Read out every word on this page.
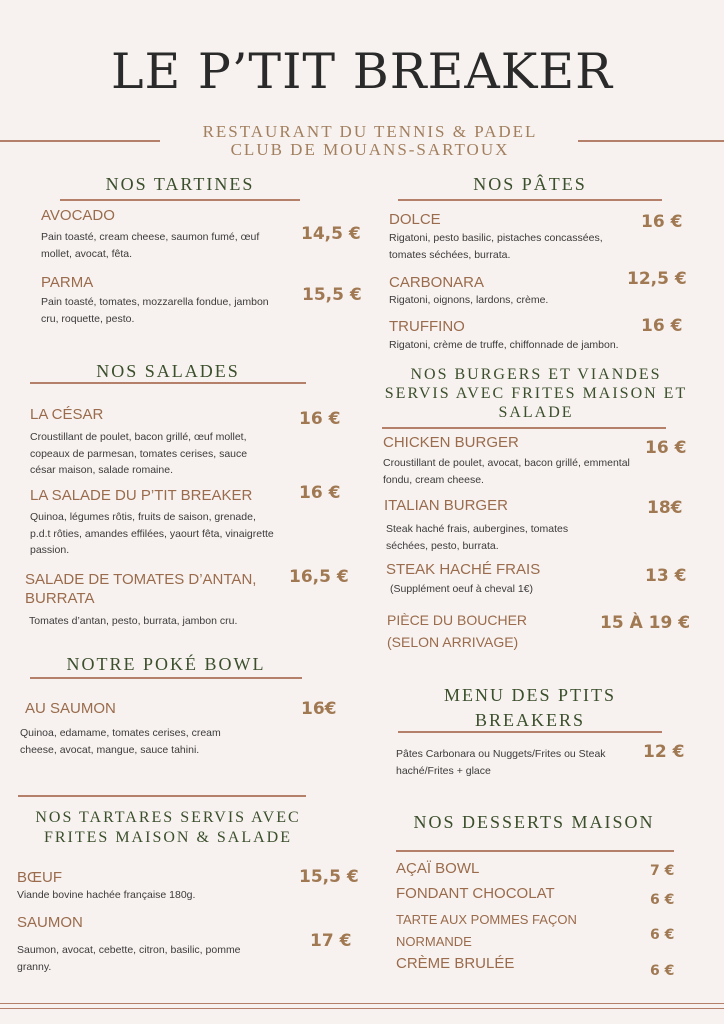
LE P’TIT BREAKER
RESTAURANT DU TENNIS & PADEL
CLUB DE MOUANS-SARTOUX
NOS TARTINES
AVOCADO
Pain toasté, cream cheese, saumon fumé, œuf mollet, avocat, fêta.
14,5 €
PARMA
Pain toasté, tomates, mozzarella fondue, jambon cru, roquette, pesto.
15,5 €
NOS SALADES
LA CÉSAR
Croustillant de poulet, bacon grillé, œuf mollet, copeaux de parmesan, tomates cerises, sauce césar maison, salade romaine.
16 €
LA SALADE DU P’TIT BREAKER
Quinoa, légumes rôtis, fruits de saison, grenade, p.d.t rôties, amandes effilées, yaourt fêta, vinaigrette passion.
16 €
SALADE DE TOMATES D’ANTAN,
BURRATA
Tomates d’antan, pesto, burrata, jambon cru.
16,5 €
NOTRE POKÉ BOWL
AU SAUMON
Quinoa, edamame, tomates cerises, cream cheese, avocat, mangue, sauce tahini.
16€
NOS TARTARES SERVIS AVEC
FRITES MAISON & SALADE
BŒUF
Viande bovine hachée française 180g.
15,5 €
SAUMON
Saumon, avocat, cebette, citron, basilic, pomme granny.
17 €
NOS PÂTES
DOLCE
Rigatoni, pesto basilic, pistaches concassées, tomates séchées, burrata.
16 €
CARBONARA
Rigatoni, oignons, lardons, crème.
12,5 €
TRUFFINO
Rigatoni, crème de truffe, chiffonnade de jambon.
16 €
NOS BURGERS ET VIANDES
SERVIS AVEC FRITES MAISON ET
SALADE
CHICKEN BURGER
Croustillant de poulet, avocat, bacon grillé, emmental fondu, cream cheese.
16 €
ITALIAN BURGER
Steak haché frais, aubergines, tomates séchées, pesto, burrata.
18€
STEAK HACHÉ FRAIS
(Supplément oeuf à cheval 1€)
13 €
PIÈCE DU BOUCHER
(SELON ARRIVAGE)
15 À 19 €
MENU DES PTITS
BREAKERS
Pâtes Carbonara ou Nuggets/Frites ou Steak haché/Frites + glace
12 €
NOS DESSERTS MAISON
AÇAÏ BOWL	7 €
FONDANT CHOCOLAT	6 €
TARTE AUX POMMES FAÇON
NORMANDE	6 €
CRÈME BRULÉE	6 €
